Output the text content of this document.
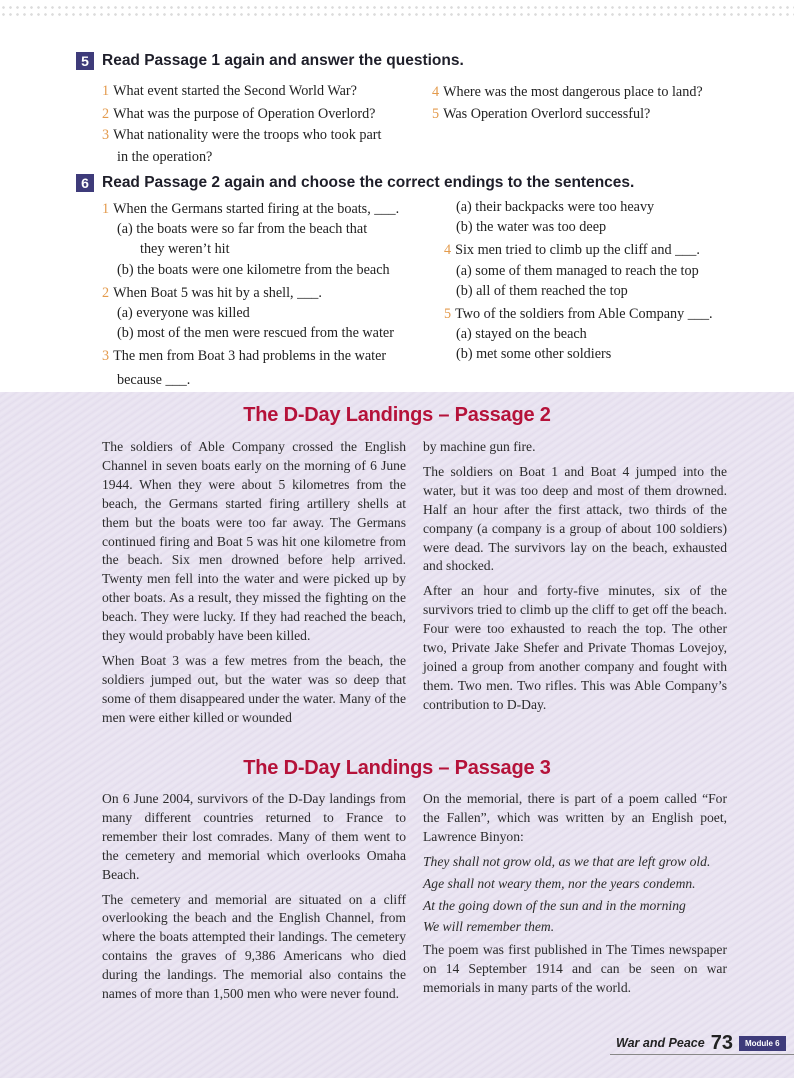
5 Read Passage 1 again and answer the questions.
1 What event started the Second World War?
2 What was the purpose of Operation Overlord?
3 What nationality were the troops who took part
in the operation?
4 Where was the most dangerous place to land?
5 Was Operation Overlord successful?
6 Read Passage 2 again and choose the correct endings to the sentences.
1 When the Germans started firing at the boats, ___.
(a) the boats were so far from the beach that
they weren’t hit
(b) the boats were one kilometre from the beach
2 When Boat 5 was hit by a shell, ___.
(a) everyone was killed
(b) most of the men were rescued from the water
3 The men from Boat 3 had problems in the water
because ___.
(a) their backpacks were too heavy
(b) the water was too deep
4 Six men tried to climb up the cliff and ___.
(a) some of them managed to reach the top
(b) all of them reached the top
5 Two of the soldiers from Able Company ___.
(a) stayed on the beach
(b) met some other soldiers
The D-Day Landings – Passage 2

The soldiers of Able Company crossed the English Channel in seven boats early on the morning of 6 June 1944. When they were about 5 kilometres from the beach, the Germans started firing artillery shells at them but the boats were too far away. The Germans continued firing and Boat 5 was hit one kilometre from the beach. Six men drowned before help arrived. Twenty men fell into the water and were picked up by other boats. As a result, they missed the fighting on the beach. They were lucky. If they had reached the beach, they would probably have been killed.

When Boat 3 was a few metres from the beach, the soldiers jumped out, but the water was so deep that some of them disappeared under the water. Many of the men were either killed or wounded

by machine gun fire.

The soldiers on Boat 1 and Boat 4 jumped into the water, but it was too deep and most of them drowned. Half an hour after the first attack, two thirds of the company (a company is a group of about 100 soldiers) were dead. The survivors lay on the beach, exhausted and shocked.

After an hour and forty-five minutes, six of the survivors tried to climb up the cliff to get off the beach. Four were too exhausted to reach the top. The other two, Private Jake Shefer and Private Thomas Lovejoy, joined a group from another company and fought with them. Two men. Two rifles. This was Able Company’s contribution to D-Day.

The D-Day Landings – Passage 3

On 6 June 2004, survivors of the D-Day landings from many different countries returned to France to remember their lost comrades. Many of them went to the cemetery and memorial which overlooks Omaha Beach.

The cemetery and memorial are situated on a cliff overlooking the beach and the English Channel, from where the boats attempted their landings. The cemetery contains the graves of 9,386 Americans who died during the landings. The memorial also contains the names of more than 1,500 men who were never found.

On the memorial, there is part of a poem called “For the Fallen”, which was written by an English poet, Lawrence Binyon:

They shall not grow old, as we that are left grow old.

Age shall not weary them, nor the years condemn.

At the going down of the sun and in the morning

We will remember them.

The poem was first published in The Times newspaper on 14 September 1914 and can be seen on war memorials in many parts of the world.

War and Peace 73	Module 6
